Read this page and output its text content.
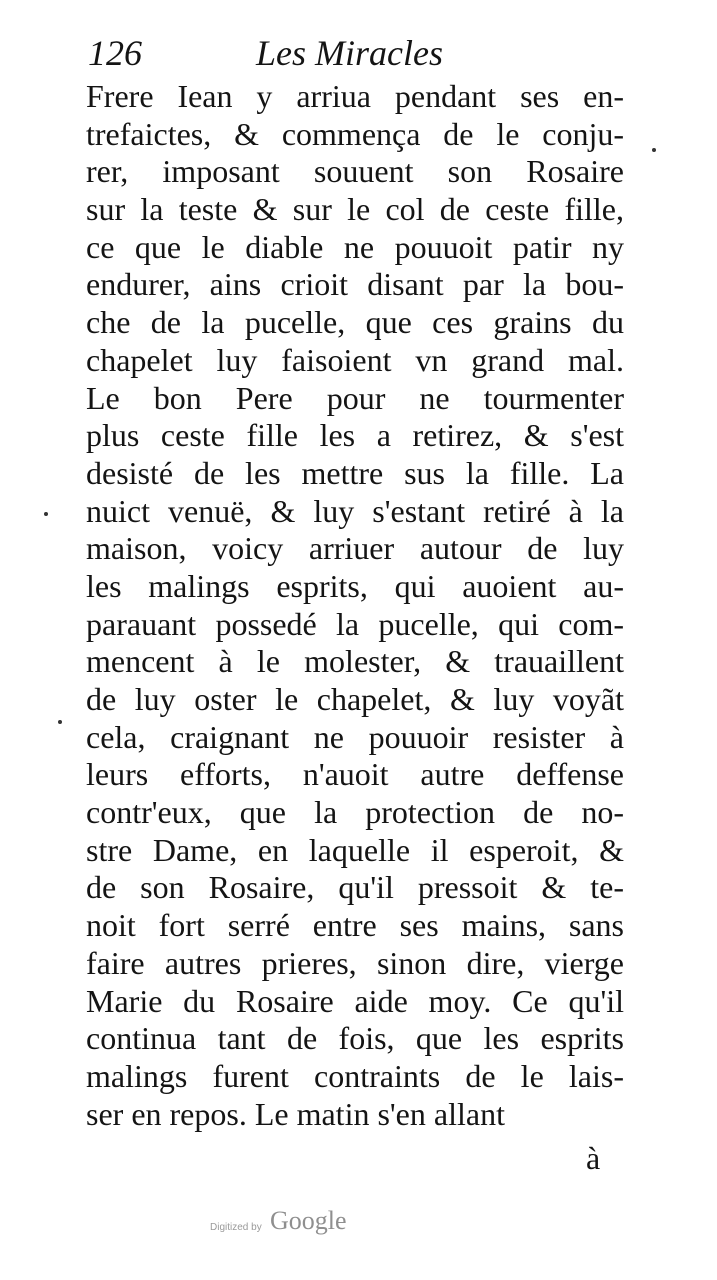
126	Les Miracles
Frere Iean y arriua pendant ses en-
trefaictes, & commença de le conju-
rer, imposant souuent son Rosaire
sur la teste & sur le col de ceste fille,
ce que le diable ne pouuoit patir ny
endurer, ains crioit disant par la bou-
che de la pucelle, que ces grains du
chapelet luy faisoient vn grand mal.
Le bon Pere pour ne tourmenter
plus ceste fille les a retirez, & s'est
desisté de les mettre sus la fille. La
nuict venuë, & luy s'estant retiré à la
maison, voicy arriuer autour de luy
les malings esprits, qui auoient au-
parauant possedé la pucelle, qui com-
mencent à le molester, & trauaillent
de luy oster le chapelet, & luy voyãt
cela, craignant ne pouuoir resister à
leurs efforts, n'auoit autre deffense
contr'eux, que la protection de no-
stre Dame, en laquelle il esperoit, &
de son Rosaire, qu'il pressoit & te-
noit fort serré entre ses mains, sans
faire autres prieres, sinon dire, vierge
Marie du Rosaire aide moy. Ce qu'il
continua tant de fois, que les esprits
malings furent contraints de le lais-
ser en repos. Le matin s'en allant
à
Digitized by Google
